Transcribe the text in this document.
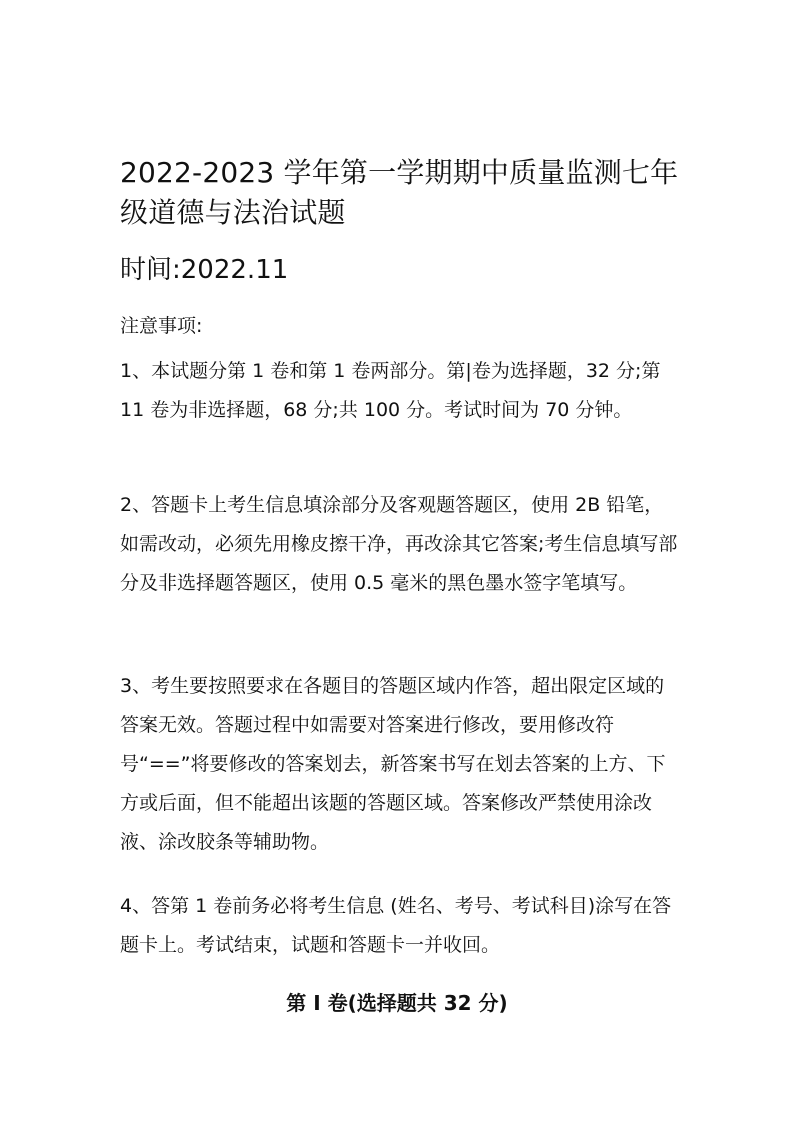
2022-2023 学年第一学期期中质量监测七年级道德与法治试题
时间:2022.11
注意事项:
1、本试题分第 1 卷和第 1 卷两部分。第|卷为选择题，32 分;第 11 卷为非选择题，68 分;共 100 分。考试时间为 70 分钟。
2、答题卡上考生信息填涂部分及客观题答题区，使用 2B 铅笔，如需改动，必须先用橡皮擦干净，再改涂其它答案;考生信息填写部分及非选择题答题区，使用 0.5 毫米的黑色墨水签字笔填写。
3、考生要按照要求在各题目的答题区域内作答，超出限定区域的答案无效。答题过程中如需要对答案进行修改，要用修改符号“==”将要修改的答案划去，新答案书写在划去答案的上方、下方或后面，但不能超出该题的答题区域。答案修改严禁使用涂改液、涂改胶条等辅助物。
4、答第 1 卷前务必将考生信息 (姓名、考号、考试科目)涂写在答题卡上。考试结束，试题和答题卡一并收回。
第 I 卷(选择题共 32 分)
